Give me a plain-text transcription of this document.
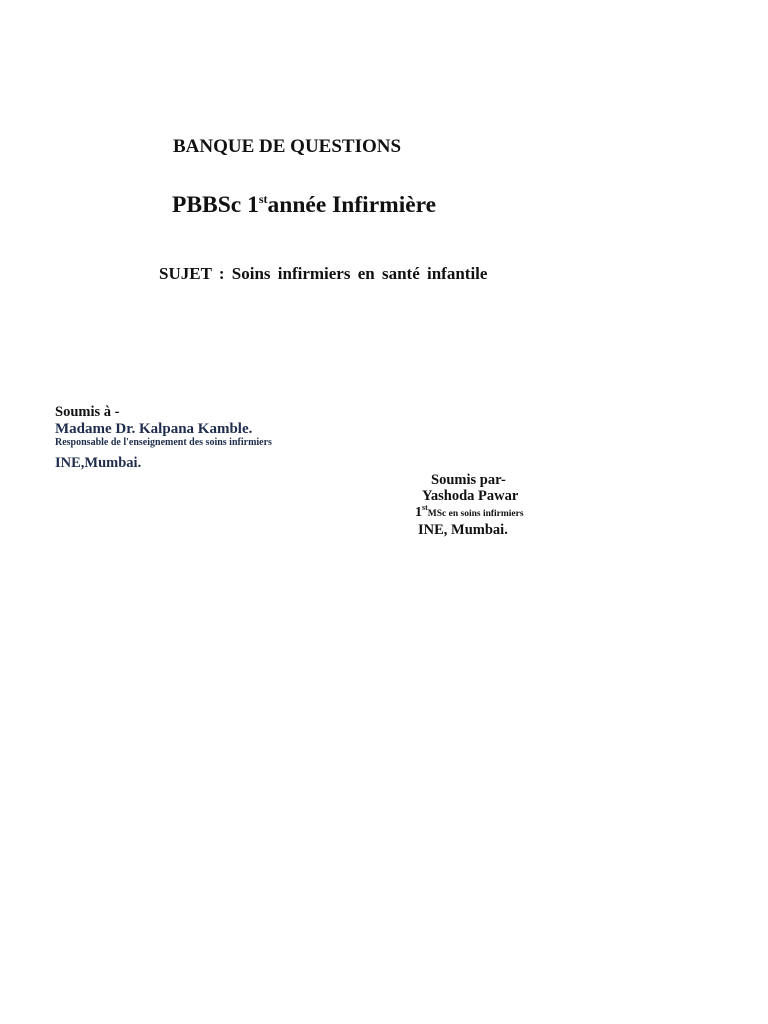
BANQUE DE QUESTIONS
PBBSc 1stannée Infirmière
SUJET : Soins infirmiers en santé infantile
Soumis à -
Madame Dr. Kalpana Kamble.
Responsable de l'enseignement des soins infirmiers
INE,Mumbai.
Soumis par-
Yashoda Pawar
1stMSc en soins infirmiers
INE, Mumbai.
